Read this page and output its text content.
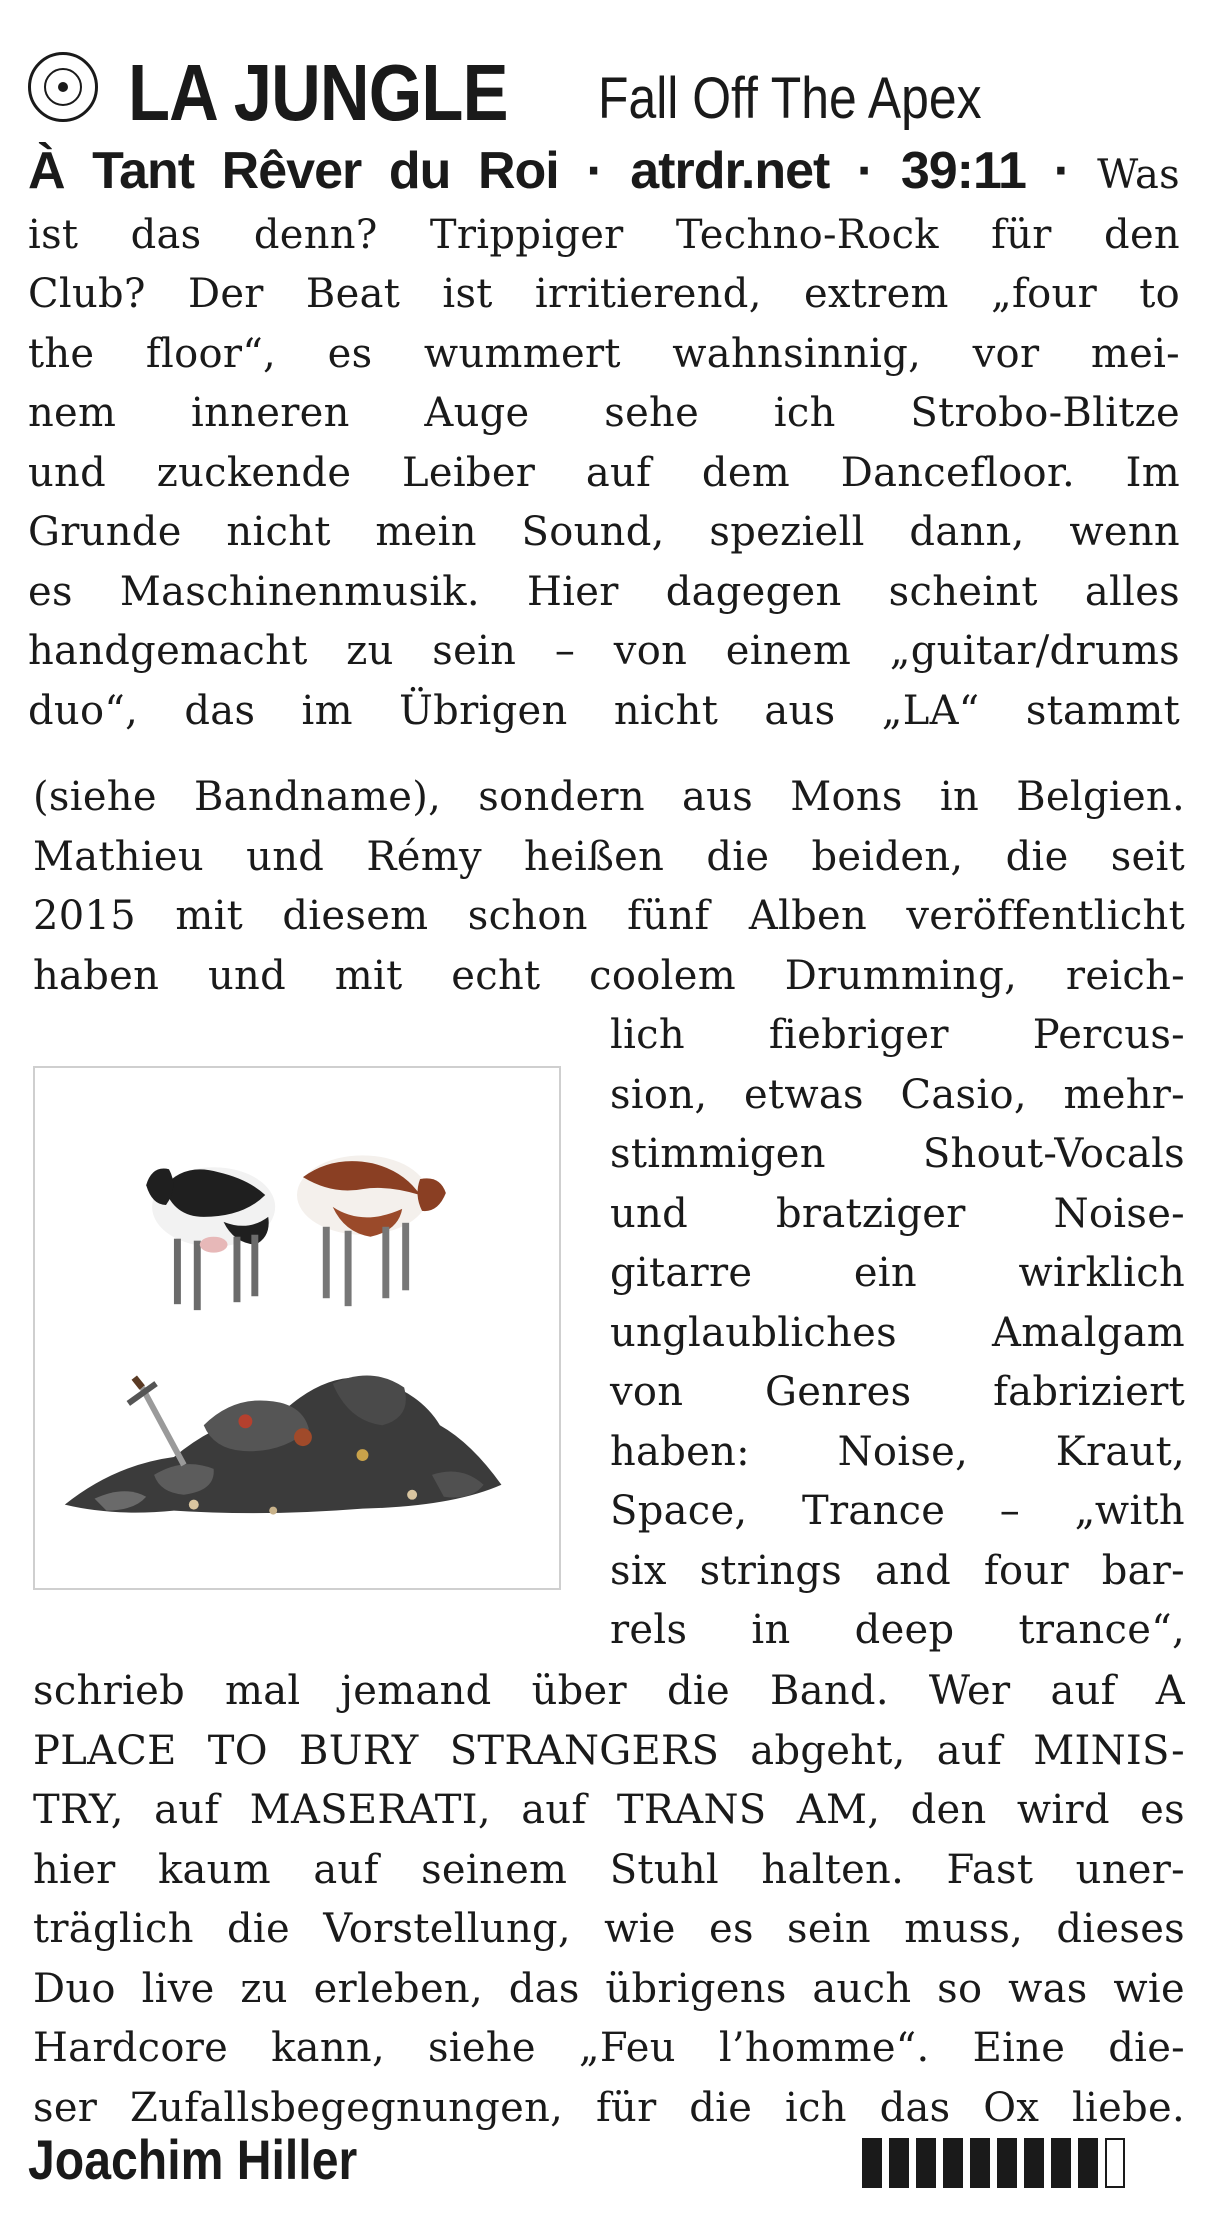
LA JUNGLE Fall Off The Apex
À Tant Rêver du Roi · atrdr.net · 39:11 · Was
ist das denn? Trippiger Techno-Rock für den
Club? Der Beat ist irritierend, extrem „four to
the floor“, es wummert wahnsinnig, vor mei-
nem inneren Auge sehe ich Strobo-Blitze
und zuckende Leiber auf dem Dancefloor. Im
Grunde nicht mein Sound, speziell dann, wenn
es Maschinenmusik. Hier dagegen scheint alles
handgemacht zu sein – von einem „guitar/drums
duo“, das im Übrigen nicht aus „LA“ stammt
(siehe Bandname), sondern aus Mons in Belgien.
Mathieu und Rémy heißen die beiden, die seit
2015 mit diesem schon fünf Alben veröffentlicht
haben und mit echt coolem Drumming, reich-
lich fiebriger Percus-
sion, etwas Casio, mehr-
stimmigen Shout-Vocals
und bratziger Noise-
gitarre ein wirklich
unglaubliches Amalgam
von Genres fabriziert
haben: Noise, Kraut,
Space, Trance – „with
six strings and four bar-
rels in deep trance“,
schrieb mal jemand über die Band. Wer auf A
PLACE TO BURY STRANGERS abgeht, auf MINIS-
TRY, auf MASERATI, auf TRANS AM, den wird es
hier kaum auf seinem Stuhl halten. Fast uner-
träglich die Vorstellung, wie es sein muss, dieses
Duo live zu erleben, das übrigens auch so was wie
Hardcore kann, siehe „Feu l’homme“. Eine die-
ser Zufallsbegegnungen, für die ich das Ox liebe.
Joachim Hiller
